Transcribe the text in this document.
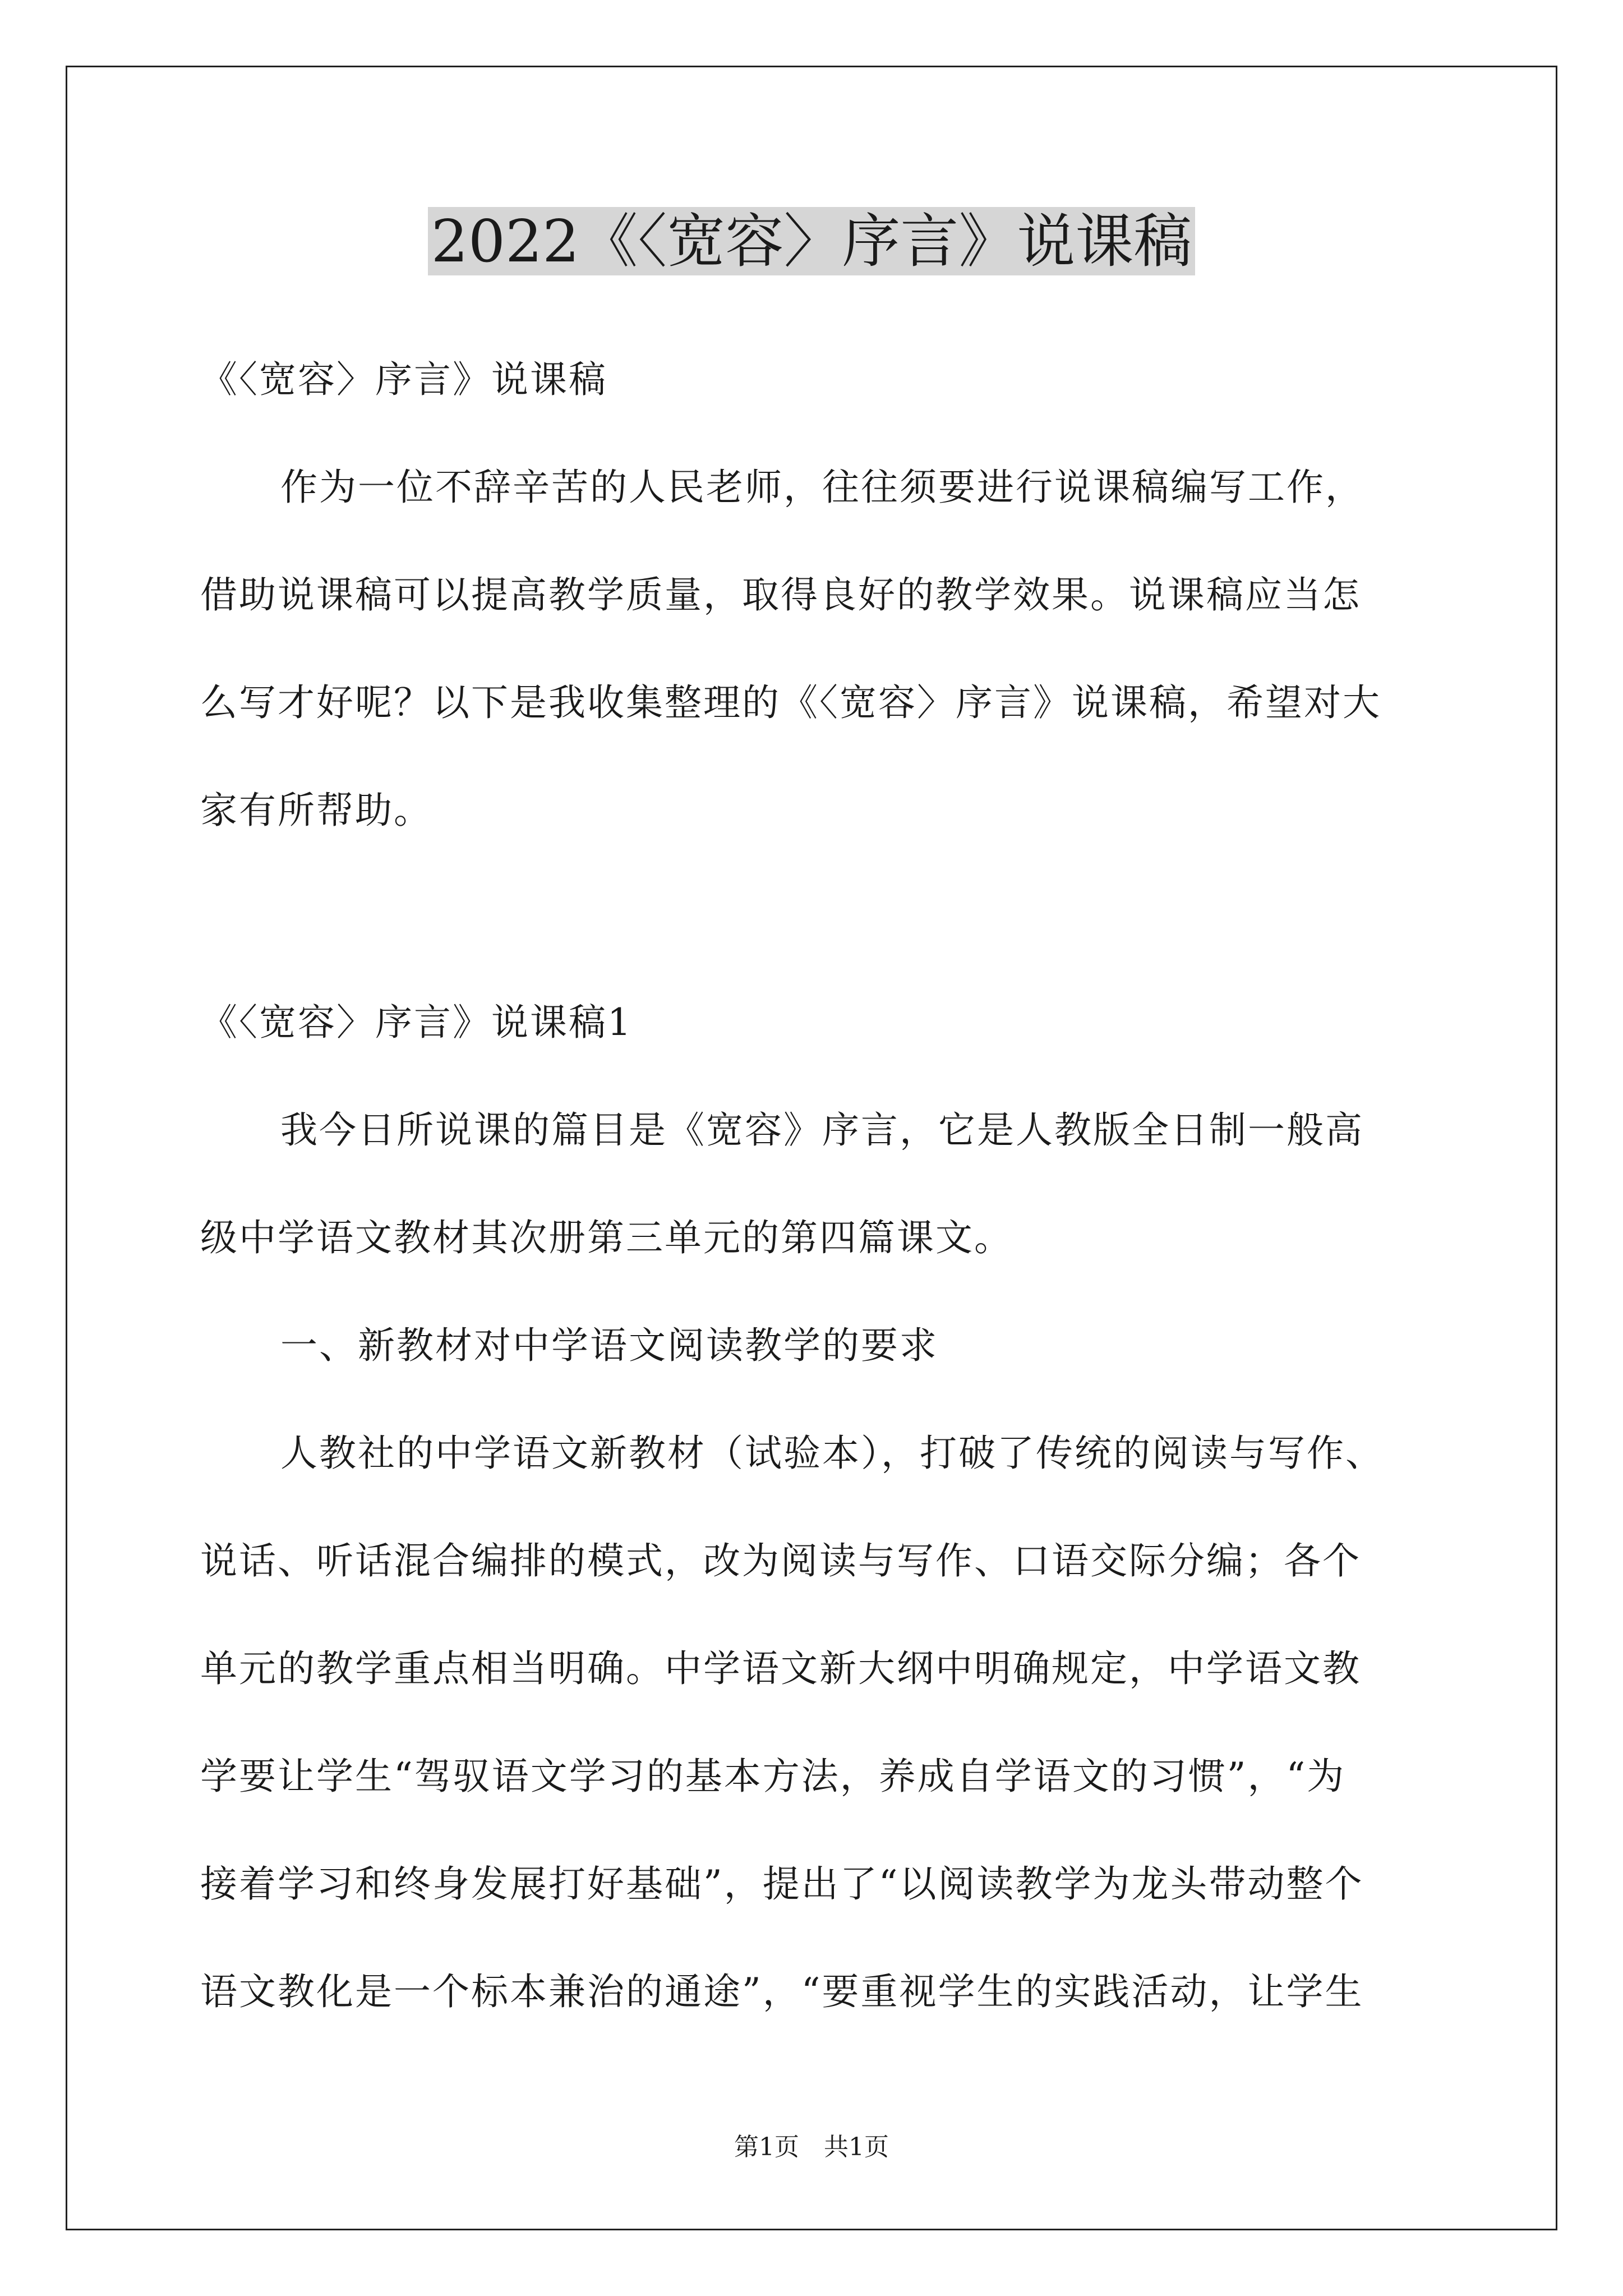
2022《〈宽容〉序言》说课稿
《〈宽容〉序言》说课稿
作为一位不辞辛苦的人民老师，往往须要进行说课稿编写工作，
借助说课稿可以提高教学质量，取得良好的教学效果。说课稿应当怎
么写才好呢？以下是我收集整理的《〈宽容〉序言》说课稿，希望对大
家有所帮助。
《〈宽容〉序言》说课稿1
我今日所说课的篇目是《宽容》序言，它是人教版全日制一般高
级中学语文教材其次册第三单元的第四篇课文。
一、新教材对中学语文阅读教学的要求
人教社的中学语文新教材（试验本），打破了传统的阅读与写作、
说话、听话混合编排的模式，改为阅读与写作、口语交际分编；各个
单元的教学重点相当明确。中学语文新大纲中明确规定，中学语文教
学要让学生“驾驭语文学习的基本方法，养成自学语文的习惯”，“为
接着学习和终身发展打好基础”，提出了“以阅读教学为龙头带动整个
语文教化是一个标本兼治的通途”，“要重视学生的实践活动，让学生
第1页　共1页
